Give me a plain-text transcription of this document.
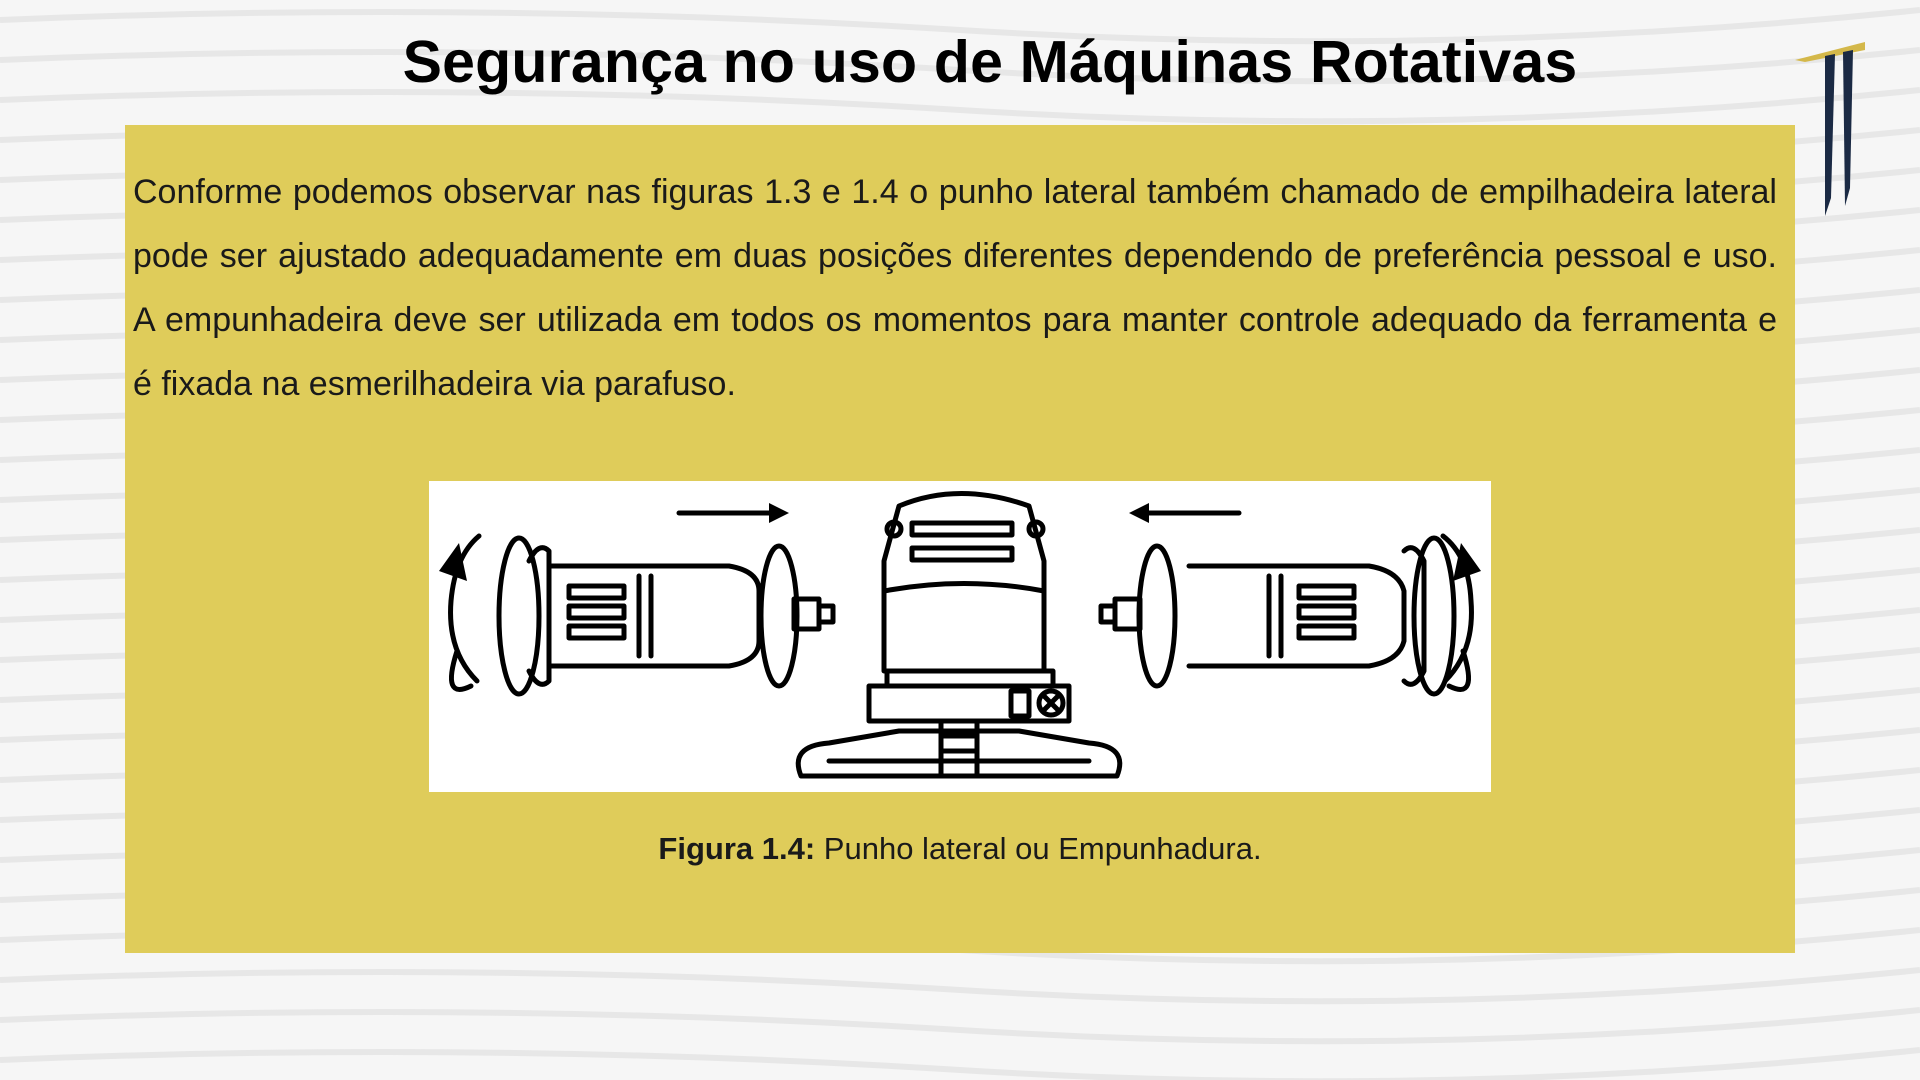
Segurança no uso de Máquinas Rotativas
Conforme podemos observar nas figuras 1.3 e 1.4 o punho lateral também chamado de empilhadeira lateral pode ser ajustado adequadamente em duas posições diferentes dependendo de preferência pessoal e uso. A empunhadeira deve ser utilizada em todos os momentos para manter controle adequado da ferramenta e é fixada na esmerilhadeira via parafuso.
Figura 1.4: Punho lateral ou Empunhadura.
